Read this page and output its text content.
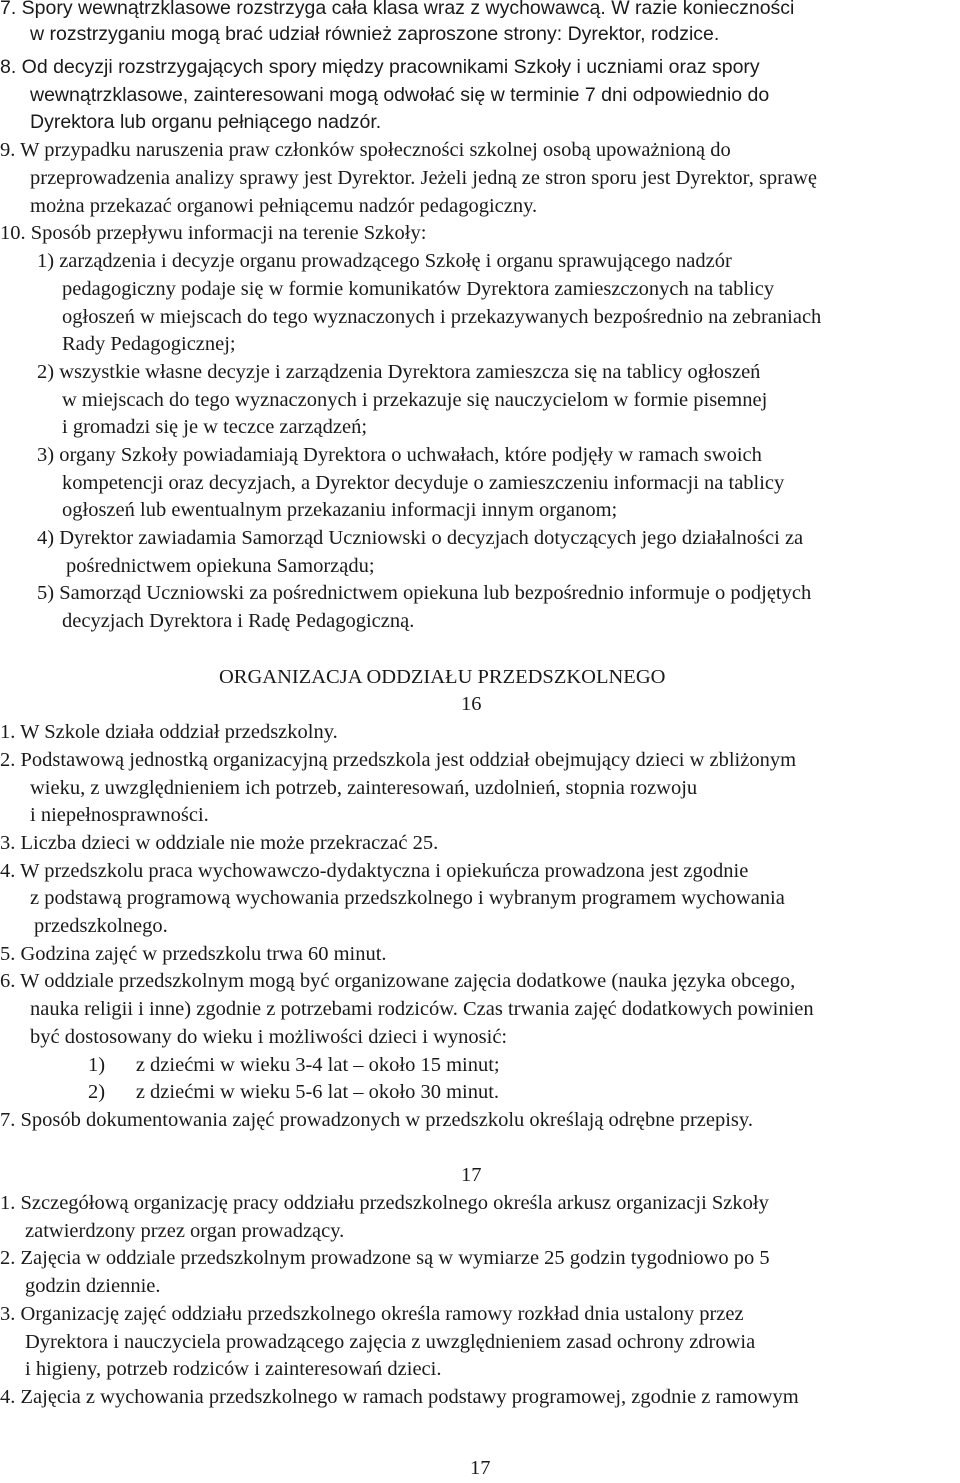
7. Spory wewnątrzklasowe rozstrzyga cała klasa wraz z wychowawcą. W razie konieczności
w rozstrzyganiu mogą brać udział również zaproszone strony: Dyrektor, rodzice.
8. Od decyzji rozstrzygających spory między pracownikami Szkoły i uczniami oraz spory
wewnątrzklasowe, zainteresowani mogą odwołać się w terminie 7 dni odpowiednio do
Dyrektora lub organu pełniącego nadzór.
9. W przypadku naruszenia praw członków społeczności szkolnej osobą upoważnioną do
przeprowadzenia analizy sprawy jest Dyrektor. Jeżeli jedną ze stron sporu jest Dyrektor, sprawę
można przekazać organowi pełniącemu nadzór pedagogiczny.
10. Sposób przepływu informacji na terenie Szkoły:
1) zarządzenia i decyzje organu prowadzącego Szkołę i organu sprawującego nadzór
pedagogiczny podaje się w formie komunikatów Dyrektora zamieszczonych na tablicy
ogłoszeń w miejscach do tego wyznaczonych i przekazywanych bezpośrednio na zebraniach
Rady Pedagogicznej;
2) wszystkie własne decyzje i zarządzenia Dyrektora zamieszcza się na tablicy ogłoszeń
w miejscach do tego wyznaczonych i przekazuje się nauczycielom w formie pisemnej
i gromadzi się je w teczce zarządzeń;
3) organy Szkoły powiadamiają Dyrektora o uchwałach, które podjęły w ramach swoich
kompetencji oraz decyzjach, a Dyrektor decyduje o zamieszczeniu informacji na tablicy
ogłoszeń lub ewentualnym przekazaniu informacji innym organom;
4) Dyrektor zawiadamia Samorząd Uczniowski o decyzjach dotyczących jego działalności za
pośrednictwem opiekuna Samorządu;
5) Samorząd Uczniowski za pośrednictwem opiekuna lub bezpośrednio informuje o podjętych
decyzjach Dyrektora i Radę Pedagogiczną.
ORGANIZACJA ODDZIAŁU PRZEDSZKOLNEGO
16
1. W Szkole działa oddział przedszkolny.
2. Podstawową jednostką organizacyjną przedszkola jest oddział obejmujący dzieci w zbliżonym
wieku, z uwzględnieniem ich potrzeb, zainteresowań, uzdolnień, stopnia rozwoju
i niepełnosprawności.
3. Liczba dzieci w oddziale nie może przekraczać 25.
4. W przedszkolu praca wychowawczo-dydaktyczna i opiekuńcza prowadzona jest zgodnie
z podstawą programową wychowania przedszkolnego i wybranym programem wychowania
przedszkolnego.
5. Godzina zajęć w przedszkolu trwa 60 minut.
6. W oddziale przedszkolnym mogą być organizowane zajęcia dodatkowe (nauka języka obcego,
nauka religii i inne) zgodnie z potrzebami rodziców. Czas trwania zajęć dodatkowych powinien
być dostosowany do wieku i możliwości dzieci i wynosić:
1)      z dziećmi w wieku 3-4 lat – około 15 minut;
2)      z dziećmi w wieku 5-6 lat – około 30 minut.
7. Sposób dokumentowania zajęć prowadzonych w przedszkolu określają odrębne przepisy.
17
1. Szczegółową organizację pracy oddziału przedszkolnego określa arkusz organizacji Szkoły
zatwierdzony przez organ prowadzący.
2. Zajęcia w oddziale przedszkolnym prowadzone są w wymiarze 25 godzin tygodniowo po 5
godzin dziennie.
3. Organizację zajęć oddziału przedszkolnego określa ramowy rozkład dnia ustalony przez
Dyrektora i nauczyciela prowadzącego zajęcia z uwzględnieniem zasad ochrony zdrowia
i higieny, potrzeb rodziców i zainteresowań dzieci.
4. Zajęcia z wychowania przedszkolnego w ramach podstawy programowej, zgodnie z ramowym
17
